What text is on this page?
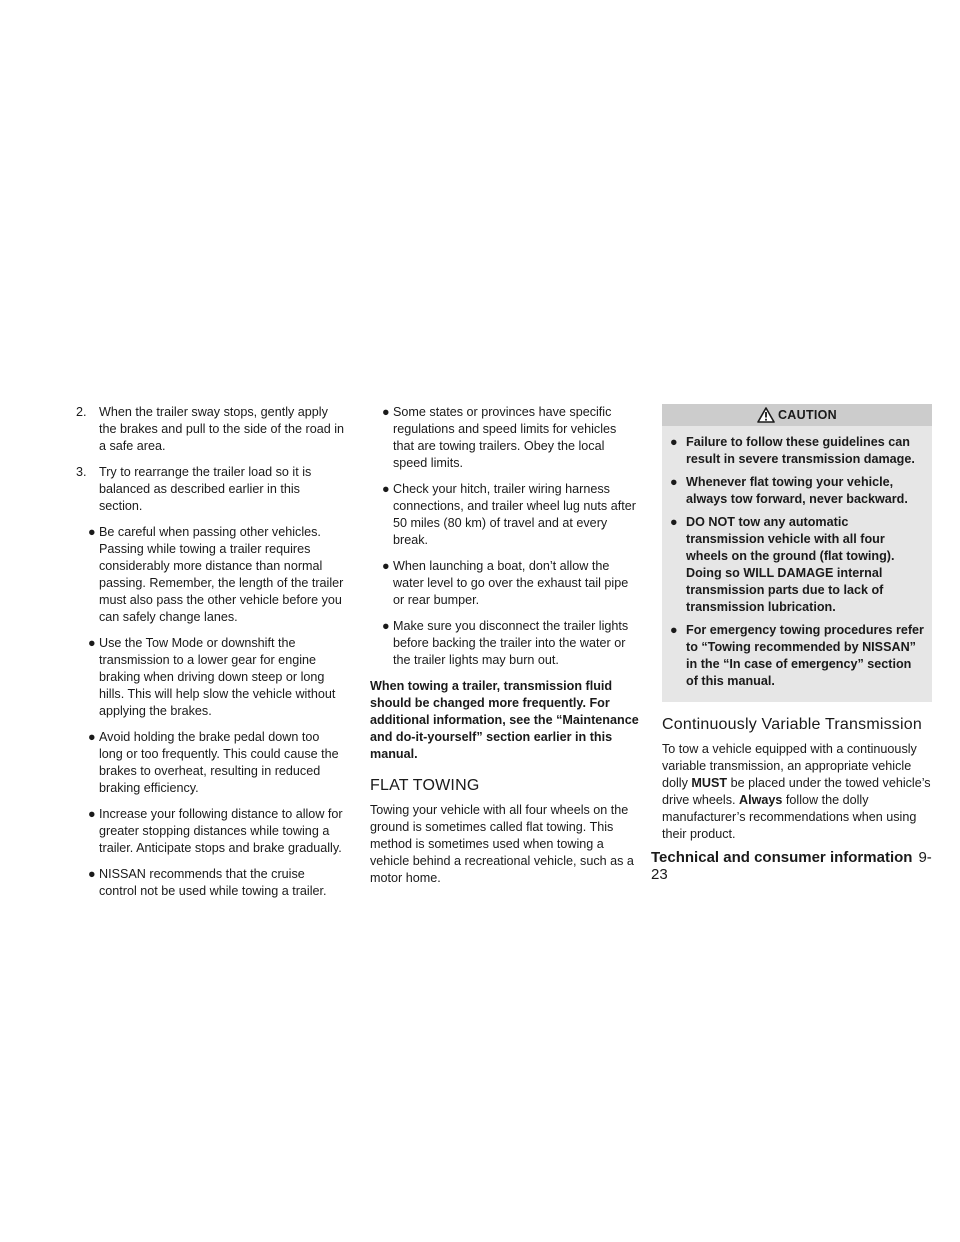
2. When the trailer sway stops, gently apply the brakes and pull to the side of the road in a safe area.
3. Try to rearrange the trailer load so it is balanced as described earlier in this section.
● Be careful when passing other vehicles. Passing while towing a trailer requires considerably more distance than normal passing. Remember, the length of the trailer must also pass the other vehicle before you can safely change lanes.
● Use the Tow Mode or downshift the transmission to a lower gear for engine braking when driving down steep or long hills. This will help slow the vehicle without applying the brakes.
● Avoid holding the brake pedal down too long or too frequently. This could cause the brakes to overheat, resulting in reduced braking efficiency.
● Increase your following distance to allow for greater stopping distances while towing a trailer. Anticipate stops and brake gradually.
● NISSAN recommends that the cruise control not be used while towing a trailer.
● Some states or provinces have specific regulations and speed limits for vehicles that are towing trailers. Obey the local speed limits.
● Check your hitch, trailer wiring harness connections, and trailer wheel lug nuts after 50 miles (80 km) of travel and at every break.
● When launching a boat, don’t allow the water level to go over the exhaust tail pipe or rear bumper.
● Make sure you disconnect the trailer lights before backing the trailer into the water or the trailer lights may burn out.

When towing a trailer, transmission fluid should be changed more frequently. For additional information, see the “Maintenance and do-it-yourself” section earlier in this manual.

FLAT TOWING

Towing your vehicle with all four wheels on the ground is sometimes called flat towing. This method is sometimes used when towing a vehicle behind a recreational vehicle, such as a motor home.

CAUTION
● Failure to follow these guidelines can result in severe transmission damage.
● Whenever flat towing your vehicle, always tow forward, never backward.
● DO NOT tow any automatic transmission vehicle with all four wheels on the ground (flat towing). Doing so WILL DAMAGE internal transmission parts due to lack of transmission lubrication.
● For emergency towing procedures refer to “Towing recommended by NISSAN” in the “In case of emergency” section of this manual.
Continuously Variable Transmission

To tow a vehicle equipped with a continuously variable transmission, an appropriate vehicle dolly MUST be placed under the towed vehicle’s drive wheels. Always follow the dolly manufacturer’s recommendations when using their product.

Technical and consumer information 9-23
